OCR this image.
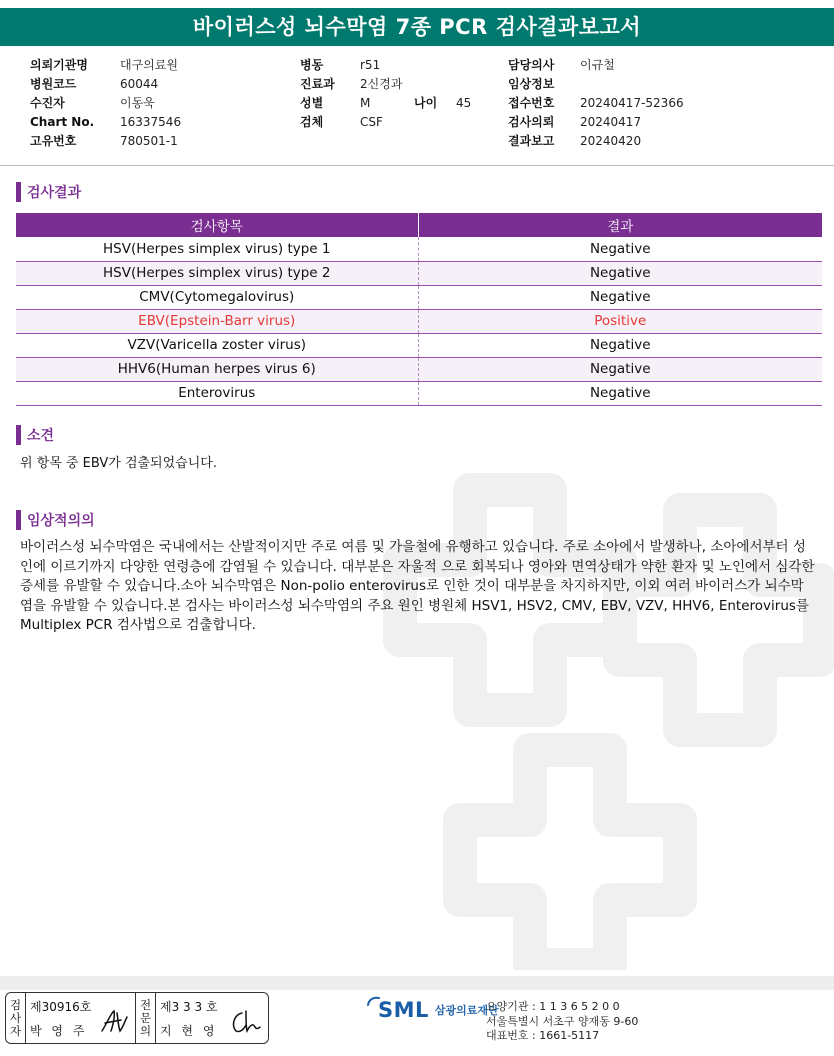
바이러스성 뇌수막염 7종 PCR 검사결과보고서
의뢰기관명	대구의료원
병원코드	60044
수진자	이동욱
Chart No.	16337546
고유번호	780501-1
병동	r51
진료과	2신경과
성별	M	나이	45
검체	CSF
담당의사	이규철
임상정보
접수번호	20240417-52366
검사의뢰	20240417
결과보고	20240420
검사결과
검사항목	결과
HSV(Herpes simplex virus) type 1	Negative
HSV(Herpes simplex virus) type 2	Negative
CMV(Cytomegalovirus)	Negative
EBV(Epstein-Barr virus)	Positive
VZV(Varicella zoster virus)	Negative
HHV6(Human herpes virus 6)	Negative
Enterovirus	Negative
소견
위 항목 중 EBV가 검출되었습니다.
임상적의의
바이러스성 뇌수막염은 국내에서는 산발적이지만 주로 여름 및 가을철에 유행하고 있습니다. 주로 소아에서 발생하나, 소아에서부터 성인에 이르기까지 다양한 연령층에 감염될 수 있습니다. 대부분은 자울적 으로 회복되나 영아와 면역상태가 약한 환자 및 노인에서 심각한 증세를 유발할 수 있습니다.소아 뇌수막염은 Non-polio enterovirus로 인한 것이 대부분을 차지하지만, 이외 여러 바이러스가 뇌수막염을 유발할 수 있습니다.본 검사는 바이러스성 뇌수막염의 주요 원인 병원체 HSV1, HSV2, CMV, EBV, VZV, HHV6, Enterovirus를 Multiplex PCR 검사법으로 검출합니다.
검
사
자
제30916호
박 영 주
전
문
의
제3 3 3 호
지 현 영
SML 삼광의료재단
요양기관 : 1 1 3 6 5 2 0 0
서울특별시 서초구 양재동 9-60
대표번호 : 1661-5117
